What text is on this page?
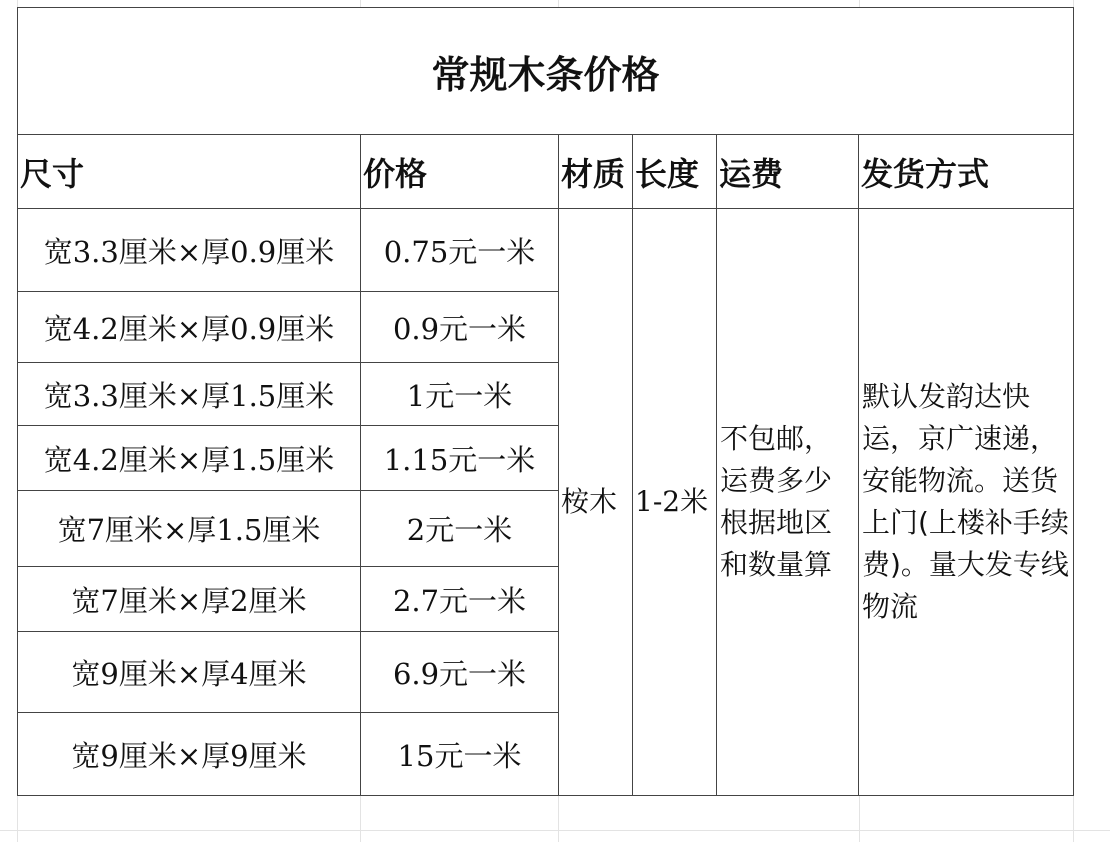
常规木条价格					
尺寸	价格	材质	长度	运费	发货方式
宽3.3厘米×厚0.9厘米	0.75元一米	桉木	1-2米	不包邮，运费多少根据地区和数量算	默认发韵达快运，京广速递，安能物流。送货上门(上楼补手续费)。量大发专线物流
宽4.2厘米×厚0.9厘米	0.9元一米				
宽3.3厘米×厚1.5厘米	1元一米				
宽4.2厘米×厚1.5厘米	1.15元一米				
宽7厘米×厚1.5厘米	2元一米				
宽7厘米×厚2厘米	2.7元一米				
宽9厘米×厚4厘米	6.9元一米				
宽9厘米×厚9厘米	15元一米				
